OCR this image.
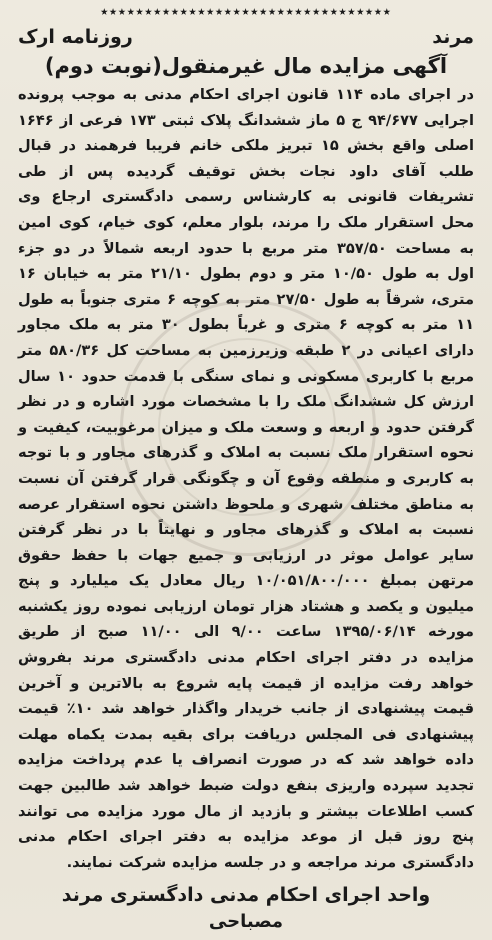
★★★★★★★★★★★★★★★★★★★★★★★★★★★★★★★★★
مرند
روزنامه ارک
آگهی مزایده مال غیرمنقول(نوبت دوم)

در اجرای ماده ۱۱۴ قانون اجرای احکام مدنی به موجب پرونده اجرایی ۹۴/۶۷۷ ج ۵ ماز ششدانگ پلاک ثبتی ۱۷۳ فرعی از ۱۶۴۶ اصلی واقع بخش ۱۵ تبریز ملکی خانم فریبا فرهمند در قبال طلب آقای داود نجات بخش توقیف گردیده پس از طی تشریفات قانونی به کارشناس رسمی دادگستری ارجاع وی محل استقرار ملک را مرند، بلوار معلم، کوی خیام، کوی امین به مساحت ۳۵۷/۵۰ متر مربع با حدود اربعه شمالاً در دو جزء اول به طول ۱۰/۵۰ متر و دوم بطول ۲۱/۱۰ متر به خیابان ۱۶ متری، شرقاً به طول ۲۷/۵۰ متر به کوچه ۶ متری جنوباً به طول ۱۱ متر به کوچه ۶ متری و غرباً بطول ۳۰ متر به ملک مجاور دارای اعیانی در ۲ طبقه وزیرزمین به مساحت کل ۵۸۰/۳۶ متر مربع با کاربری مسکونی و نمای سنگی با قدمت حدود ۱۰ سال ارزش کل ششدانگ ملک را با مشخصات مورد اشاره و در نظر گرفتن حدود و اربعه و وسعت ملک و میزان مرغوبیت، کیفیت و نحوه استقرار ملک نسبت به املاک و گذرهای مجاور و با توجه به کاربری و منطقه وقوع آن و چگونگی قرار گرفتن آن نسبت به مناطق مختلف شهری و ملحوظ داشتن نحوه استقرار عرصه نسبت به املاک و گذرهای مجاور و نهایتاً با در نظر گرفتن سایر عوامل موثر در ارزیابی و جمیع جهات با حفظ حقوق مرتهن بمبلغ ۱۰/۰۵۱/۸۰۰/۰۰۰ ریال معادل یک میلیارد و پنج میلیون و یکصد و هشتاد هزار تومان ارزیابی نموده روز یکشنبه مورخه ۱۳۹۵/۰۶/۱۴ ساعت ۹/۰۰ الی ۱۱/۰۰ صبح از طریق مزایده در دفتر اجرای احکام مدنی دادگستری مرند بفروش خواهد رفت مزایده از قیمت پایه شروع به بالاترین و آخرین قیمت پیشنهادی از جانب خریدار واگذار خواهد شد ۱۰٪ قیمت پیشنهادی فی المجلس دریافت برای بقیه بمدت یکماه مهلت داده خواهد شد که در صورت انصراف یا عدم پرداخت مزایده تجدید سپرده واریزی بنفع دولت ضبط خواهد شد طالبین جهت کسب اطلاعات بیشتر و بازدید از مال مورد مزایده می توانند پنج روز قبل از موعد مزایده به دفتر اجرای احکام مدنی دادگستری مرند مراجعه و در جلسه مزایده شرکت نمایند.

واحد اجرای احکام مدنی دادگستری مرند
مصباحی
